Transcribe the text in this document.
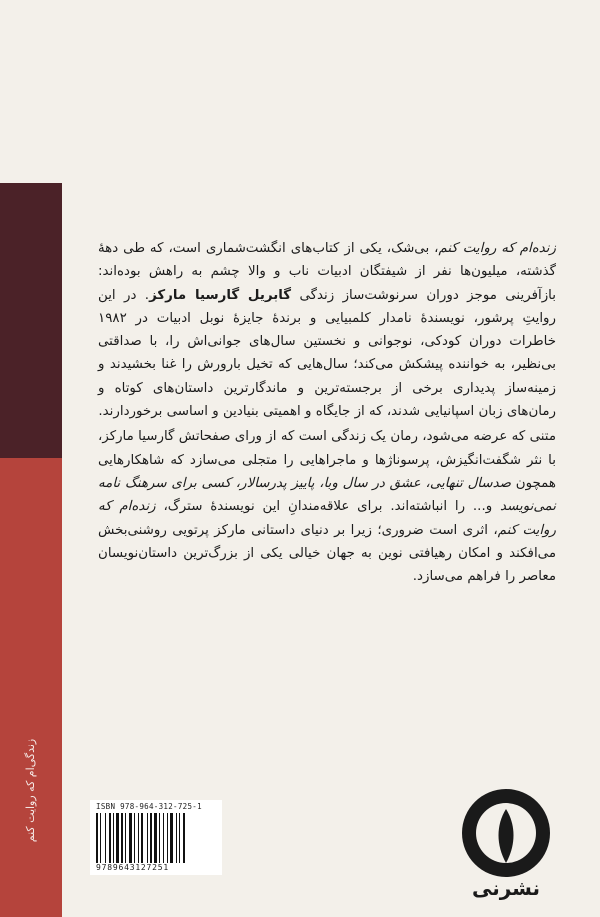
زندگی‌ام که روایت کنم

زنده‌ام که روایت کنم، بی‌شک، یکی از کتاب‌های انگشت‌شماری است، که طی دههٔ گذشته، میلیون‌ها نفر از شیفتگان ادبیات ناب و والا چشم به راهش بوده‌اند: بازآفرینی موجز دوران سرنوشت‌ساز زندگی گابریل گارسیا مارکز. در این روایتِ پرشور، نویسندهٔ نامدار کلمبیایی و برندهٔ جایزهٔ نوبل ادبیات در ۱۹۸۲ خاطرات دوران کودکی، نوجوانی و نخستین سال‌های جوانی‌اش را، با صداقتی بی‌نظیر، به خواننده پیشکش می‌کند؛ سال‌هایی که تخیل بارورش را غنا بخشیدند و زمینه‌ساز پدیداری برخی از برجسته‌ترین و ماندگارترین داستان‌های کوتاه و رمان‌های زبان اسپانیایی شدند، که از جایگاه و اهمیتی بنیادین و اساسی برخوردارند.

متنی که عرضه می‌شود، رمان یک زندگی است که از ورای صفحاتش گارسیا مارکز، با نثر شگفت‌انگیزش، پرسوناژها و ماجراهایی را متجلی می‌سازد که شاهکارهایی همچون صدسال تنهایی، عشق در سال وبا، پاییز پدرسالار، کسی برای سرهنگ نامه نمی‌نویسد و... را انباشته‌اند. برای علاقه‌مندانِ این نویسندهٔ سترگ، زنده‌ام که روایت کنم، اثری است ضروری؛ زیرا بر دنیای داستانی مارکز پرتویی روشنی‌بخش می‌افکند و امکان رهیافتی نوین به جهان خیالی یکی از بزرگ‌ترین داستان‌نویسان معاصر را فراهم می‌سازد.

ISBN 978-964-312-725-1
9789643127251
نشرنی
